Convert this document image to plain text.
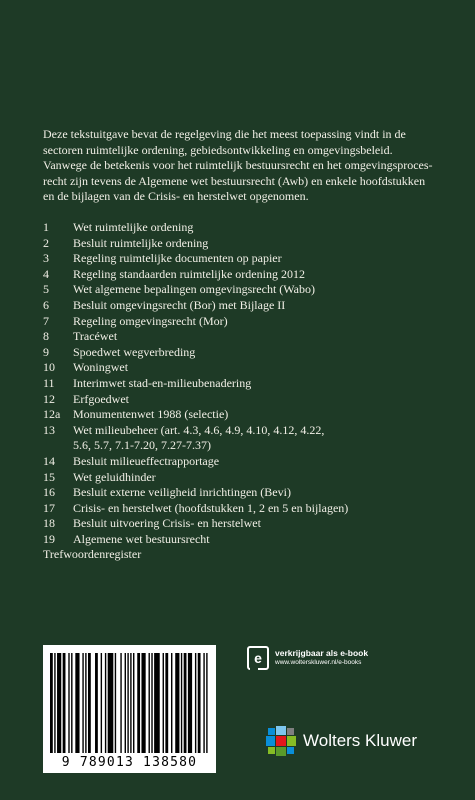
Deze tekstuitgave bevat de regelgeving die het meest toepassing vindt in de
sectoren ruimtelijke ordening, gebiedsontwikkeling en omgevingsbeleid.
Vanwege de betekenis voor het ruimtelijk bestuursrecht en het omgevingsproces-
recht zijn tevens de Algemene wet bestuursrecht (Awb) en enkele hoofdstukken
en de bijlagen van de Crisis- en herstelwet opgenomen.
1	Wet ruimtelijke ordening
2	Besluit ruimtelijke ordening
3	Regeling ruimtelijke documenten op papier
4	Regeling standaarden ruimtelijke ordening 2012
5	Wet algemene bepalingen omgevingsrecht (Wabo)
6	Besluit omgevingsrecht (Bor) met Bijlage II
7	Regeling omgevingsrecht (Mor)
8	Tracéwet
9	Spoedwet wegverbreding
10	Woningwet
11	Interimwet stad-en-milieubenadering
12	Erfgoedwet
12a	Monumentenwet 1988 (selectie)
13	Wet milieubeheer (art. 4.3, 4.6, 4.9, 4.10, 4.12, 4.22,
5.6, 5.7, 7.1-7.20, 7.27-7.37)
14	Besluit milieueffectrapportage
15	Wet geluidhinder
16	Besluit externe veiligheid inrichtingen (Bevi)
17	Crisis- en herstelwet (hoofdstukken 1, 2 en 5 en bijlagen)
18	Besluit uitvoering Crisis- en herstelwet
19	Algemene wet bestuursrecht
Trefwoordenregister
9 789013 138580
e	verkrijgbaar als e-book
www.wolterskluwer.nl/e-books
Wolters Kluwer
